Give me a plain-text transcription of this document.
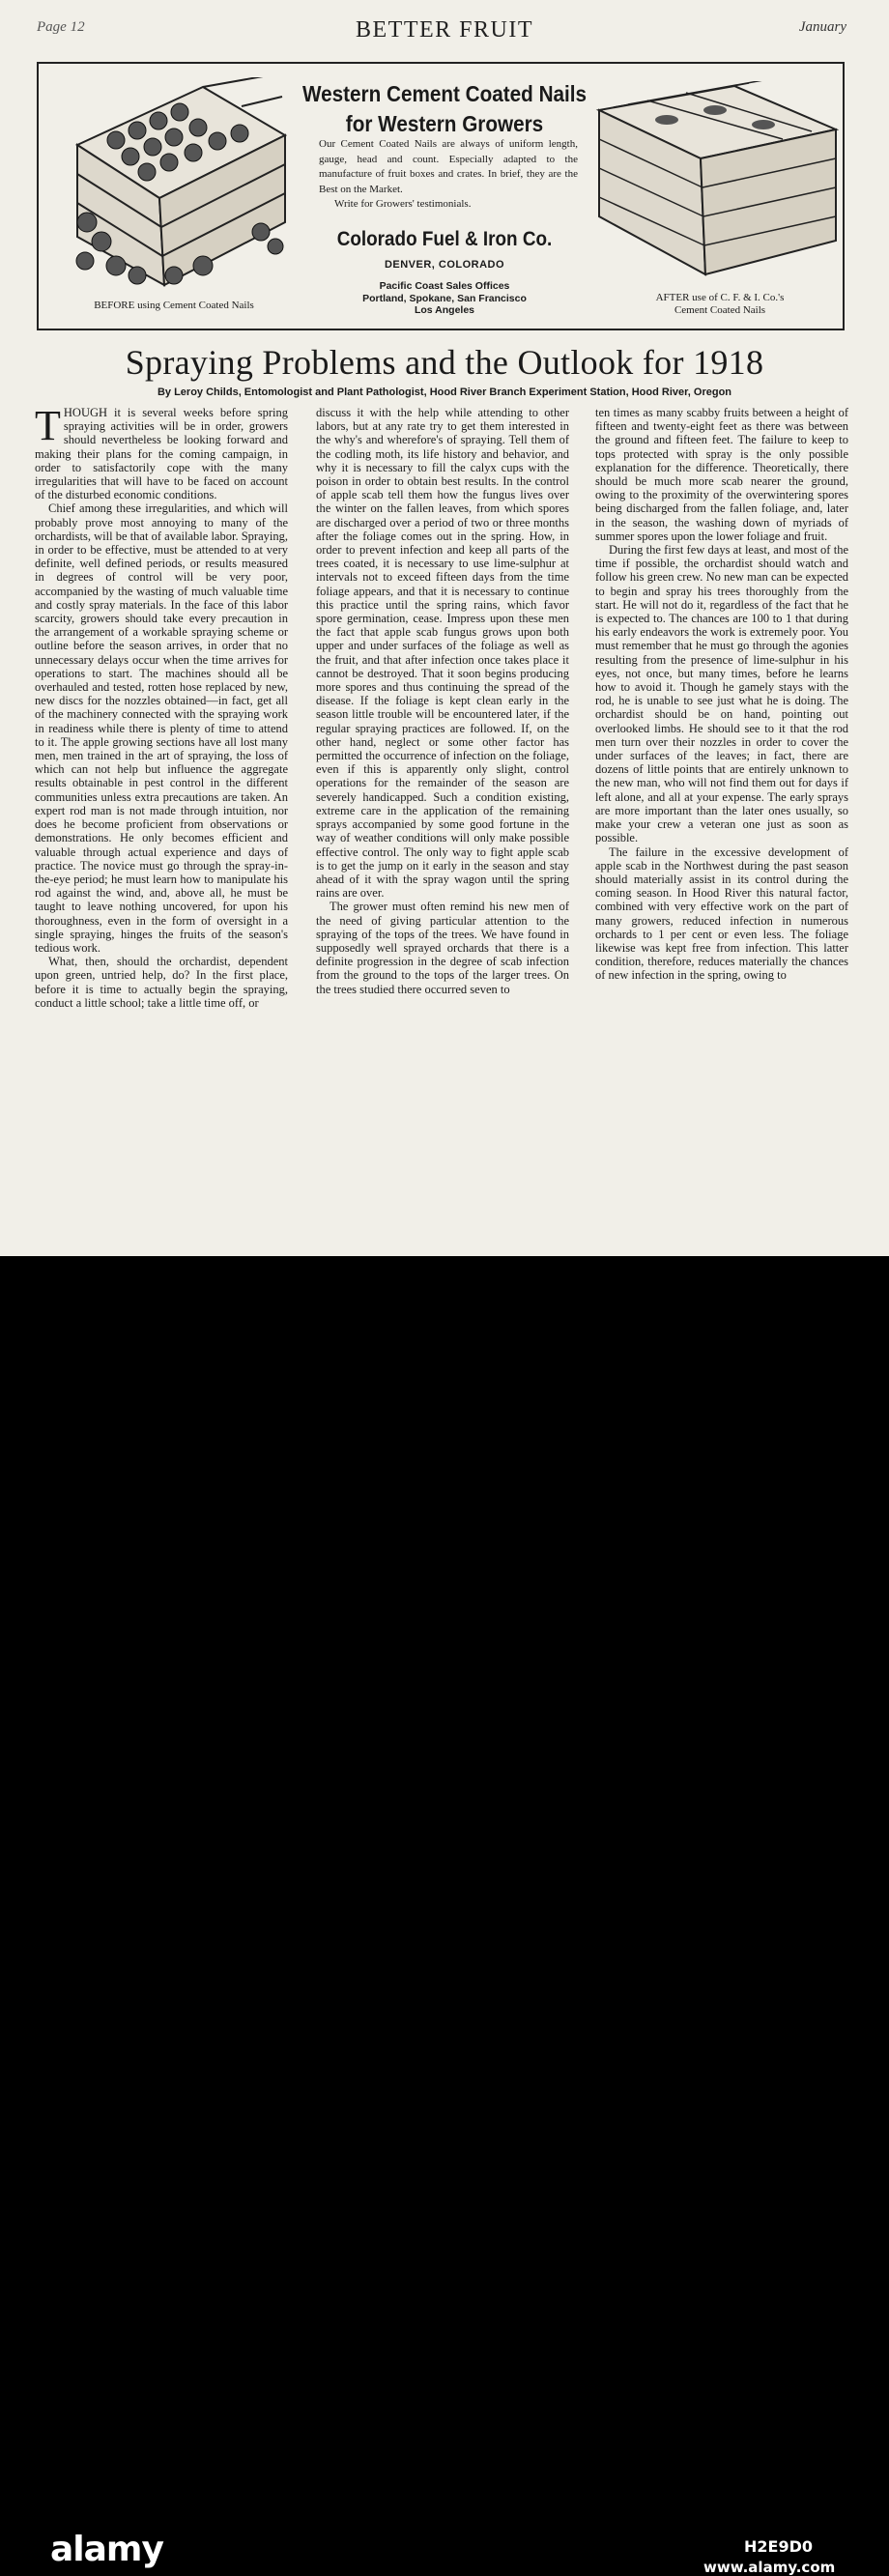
Page 12	BETTER FRUIT	January
BEFORE using Cement Coated Nails
Western Cement Coated Nails
for Western Growers

Our Cement Coated Nails are always of uniform length, gauge, head and count. Especially adapted to the manufacture of fruit boxes and crates. In brief, they are the Best on the Market.

Write for Growers' testimonials.

Colorado Fuel & Iron Co.
DENVER, COLORADO
Pacific Coast Sales Offices
Portland, Spokane, San Francisco
Los Angeles
AFTER use of C. F. & I. Co.'s
Cement Coated Nails
Spraying Problems and the Outlook for 1918
By Leroy Childs, Entomologist and Plant Pathologist, Hood River Branch Experiment Station, Hood River, Oregon

THOUGH it is several weeks before spring spraying activities will be in order, growers should nevertheless be looking forward and making their plans for the coming campaign, in order to satisfactorily cope with the many irregularities that will have to be faced on account of the disturbed economic conditions.

Chief among these irregularities, and which will probably prove most annoying to many of the orchardists, will be that of available labor. Spraying, in order to be effective, must be attended to at very definite, well defined periods, or results measured in degrees of control will be very poor, accompanied by the wasting of much valuable time and costly spray materials. In the face of this labor scarcity, growers should take every precaution in the arrangement of a workable spraying scheme or outline before the season arrives, in order that no unnecessary delays occur when the time arrives for operations to start. The machines should all be overhauled and tested, rotten hose replaced by new, new discs for the nozzles obtained—in fact, get all of the machinery connected with the spraying work in readiness while there is plenty of time to attend to it. The apple growing sections have all lost many men, men trained in the art of spraying, the loss of which can not help but influence the aggregate results obtainable in pest control in the different communities unless extra precautions are taken. An expert rod man is not made through intuition, nor does he become proficient from observations or demonstrations. He only becomes efficient and valuable through actual experience and days of practice. The novice must go through the spray-in-the-eye period; he must learn how to manipulate his rod against the wind, and, above all, he must be taught to leave nothing uncovered, for upon his thoroughness, even in the form of oversight in a single spraying, hinges the fruits of the season's tedious work.

What, then, should the orchardist, dependent upon green, untried help, do? In the first place, before it is time to actually begin the spraying, conduct a little school; take a little time off, or

discuss it with the help while attending to other labors, but at any rate try to get them interested in the why's and wherefore's of spraying. Tell them of the codling moth, its life history and behavior, and why it is necessary to fill the calyx cups with the poison in order to obtain best results. In the control of apple scab tell them how the fungus lives over the winter on the fallen leaves, from which spores are discharged over a period of two or three months after the foliage comes out in the spring. How, in order to prevent infection and keep all parts of the trees coated, it is necessary to use lime-sulphur at intervals not to exceed fifteen days from the time foliage appears, and that it is necessary to continue this practice until the spring rains, which favor spore germination, cease. Impress upon these men the fact that apple scab fungus grows upon both upper and under surfaces of the foliage as well as the fruit, and that after infection once takes place it cannot be destroyed. That it soon begins producing more spores and thus continuing the spread of the disease. If the foliage is kept clean early in the season little trouble will be encountered later, if the regular spraying practices are followed. If, on the other hand, neglect or some other factor has permitted the occurrence of infection on the foliage, even if this is apparently only slight, control operations for the remainder of the season are severely handicapped. Such a condition existing, extreme care in the application of the remaining sprays accompanied by some good fortune in the way of weather conditions will only make possible effective control. The only way to fight apple scab is to get the jump on it early in the season and stay ahead of it with the spray wagon until the spring rains are over.

The grower must often remind his new men of the need of giving particular attention to the spraying of the tops of the trees. We have found in supposedly well sprayed orchards that there is a definite progression in the degree of scab infection from the ground to the tops of the larger trees. On the trees studied there occurred seven to

ten times as many scabby fruits between a height of fifteen and twenty-eight feet as there was between the ground and fifteen feet. The failure to keep to tops protected with spray is the only possible explanation for the difference. Theoretically, there should be much more scab nearer the ground, owing to the proximity of the overwintering spores being discharged from the fallen foliage, and, later in the season, the washing down of myriads of summer spores upon the lower foliage and fruit.

During the first few days at least, and most of the time if possible, the orchardist should watch and follow his green crew. No new man can be expected to begin and spray his trees thoroughly from the start. He will not do it, regardless of the fact that he is expected to. The chances are 100 to 1 that during his early endeavors the work is extremely poor. You must remember that he must go through the agonies resulting from the presence of lime-sulphur in his eyes, not once, but many times, before he learns how to avoid it. Though he gamely stays with the rod, he is unable to see just what he is doing. The orchardist should be on hand, pointing out overlooked limbs. He should see to it that the rod men turn over their nozzles in order to cover the under surfaces of the leaves; in fact, there are dozens of little points that are entirely unknown to the new man, who will not find them out for days if left alone, and all at your expense. The early sprays are more important than the later ones usually, so make your crew a veteran one just as soon as possible.

The failure in the excessive development of apple scab in the Northwest during the past season should materially assist in its control during the coming season. In Hood River this natural factor, combined with very effective work on the part of many growers, reduced infection in numerous orchards to 1 per cent or even less. The foliage likewise was kept free from infection. This latter condition, therefore, reduces materially the chances of new infection in the spring, owing to

alamy	H2E9D0
www.alamy.com
